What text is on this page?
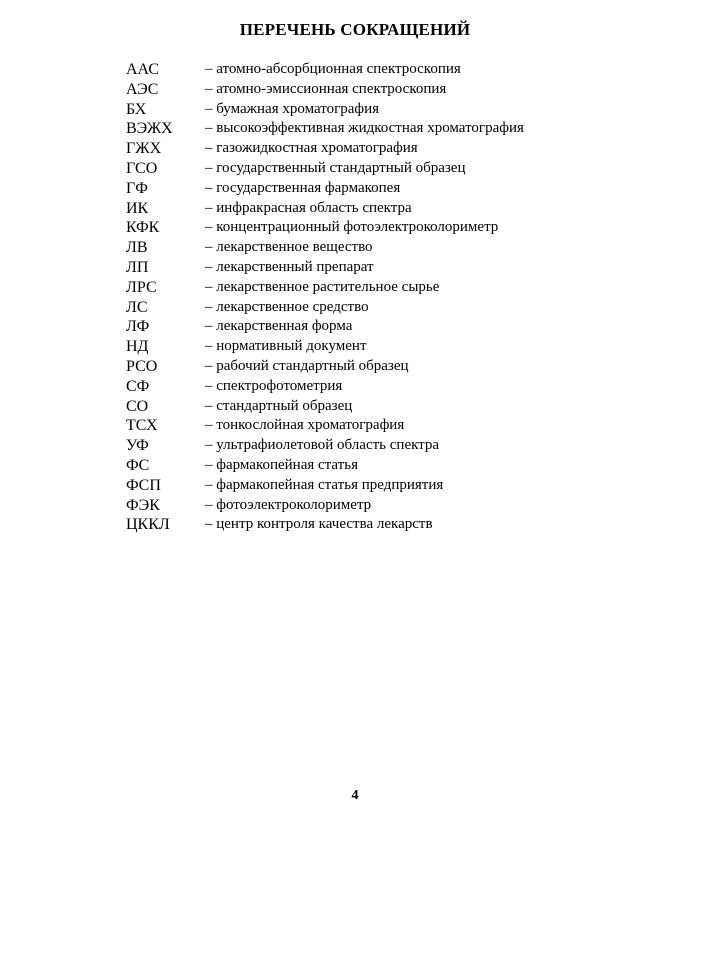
ПЕРЕЧЕНЬ СОКРАЩЕНИЙ
ААС	– атомно-абсорбционная спектроскопия
АЭС	– атомно-эмиссионная спектроскопия
БХ	– бумажная хроматография
ВЭЖХ – высокоэффективная жидкостная хроматография
ГЖХ	– газожидкостная хроматография
ГСО	– государственный стандартный образец
ГФ	– государственная фармакопея
ИК	– инфракрасная область спектра
КФК	– концентрационный фотоэлектроколориметр
ЛВ	– лекарственное вещество
ЛП	– лекарственный препарат
ЛРС	– лекарственное растительное сырье
ЛС	– лекарственное средство
ЛФ	– лекарственная форма
НД	– нормативный документ
РСО	– рабочий стандартный образец
СФ	– спектрофотометрия
СО	– стандартный образец
ТСХ	– тонкослойная хроматография
УФ	– ультрафиолетовой область спектра
ФС	– фармакопейная статья
ФСП	– фармакопейная статья предприятия
ФЭК	– фотоэлектроколориметр
ЦККЛ – центр контроля качества лекарств
4
